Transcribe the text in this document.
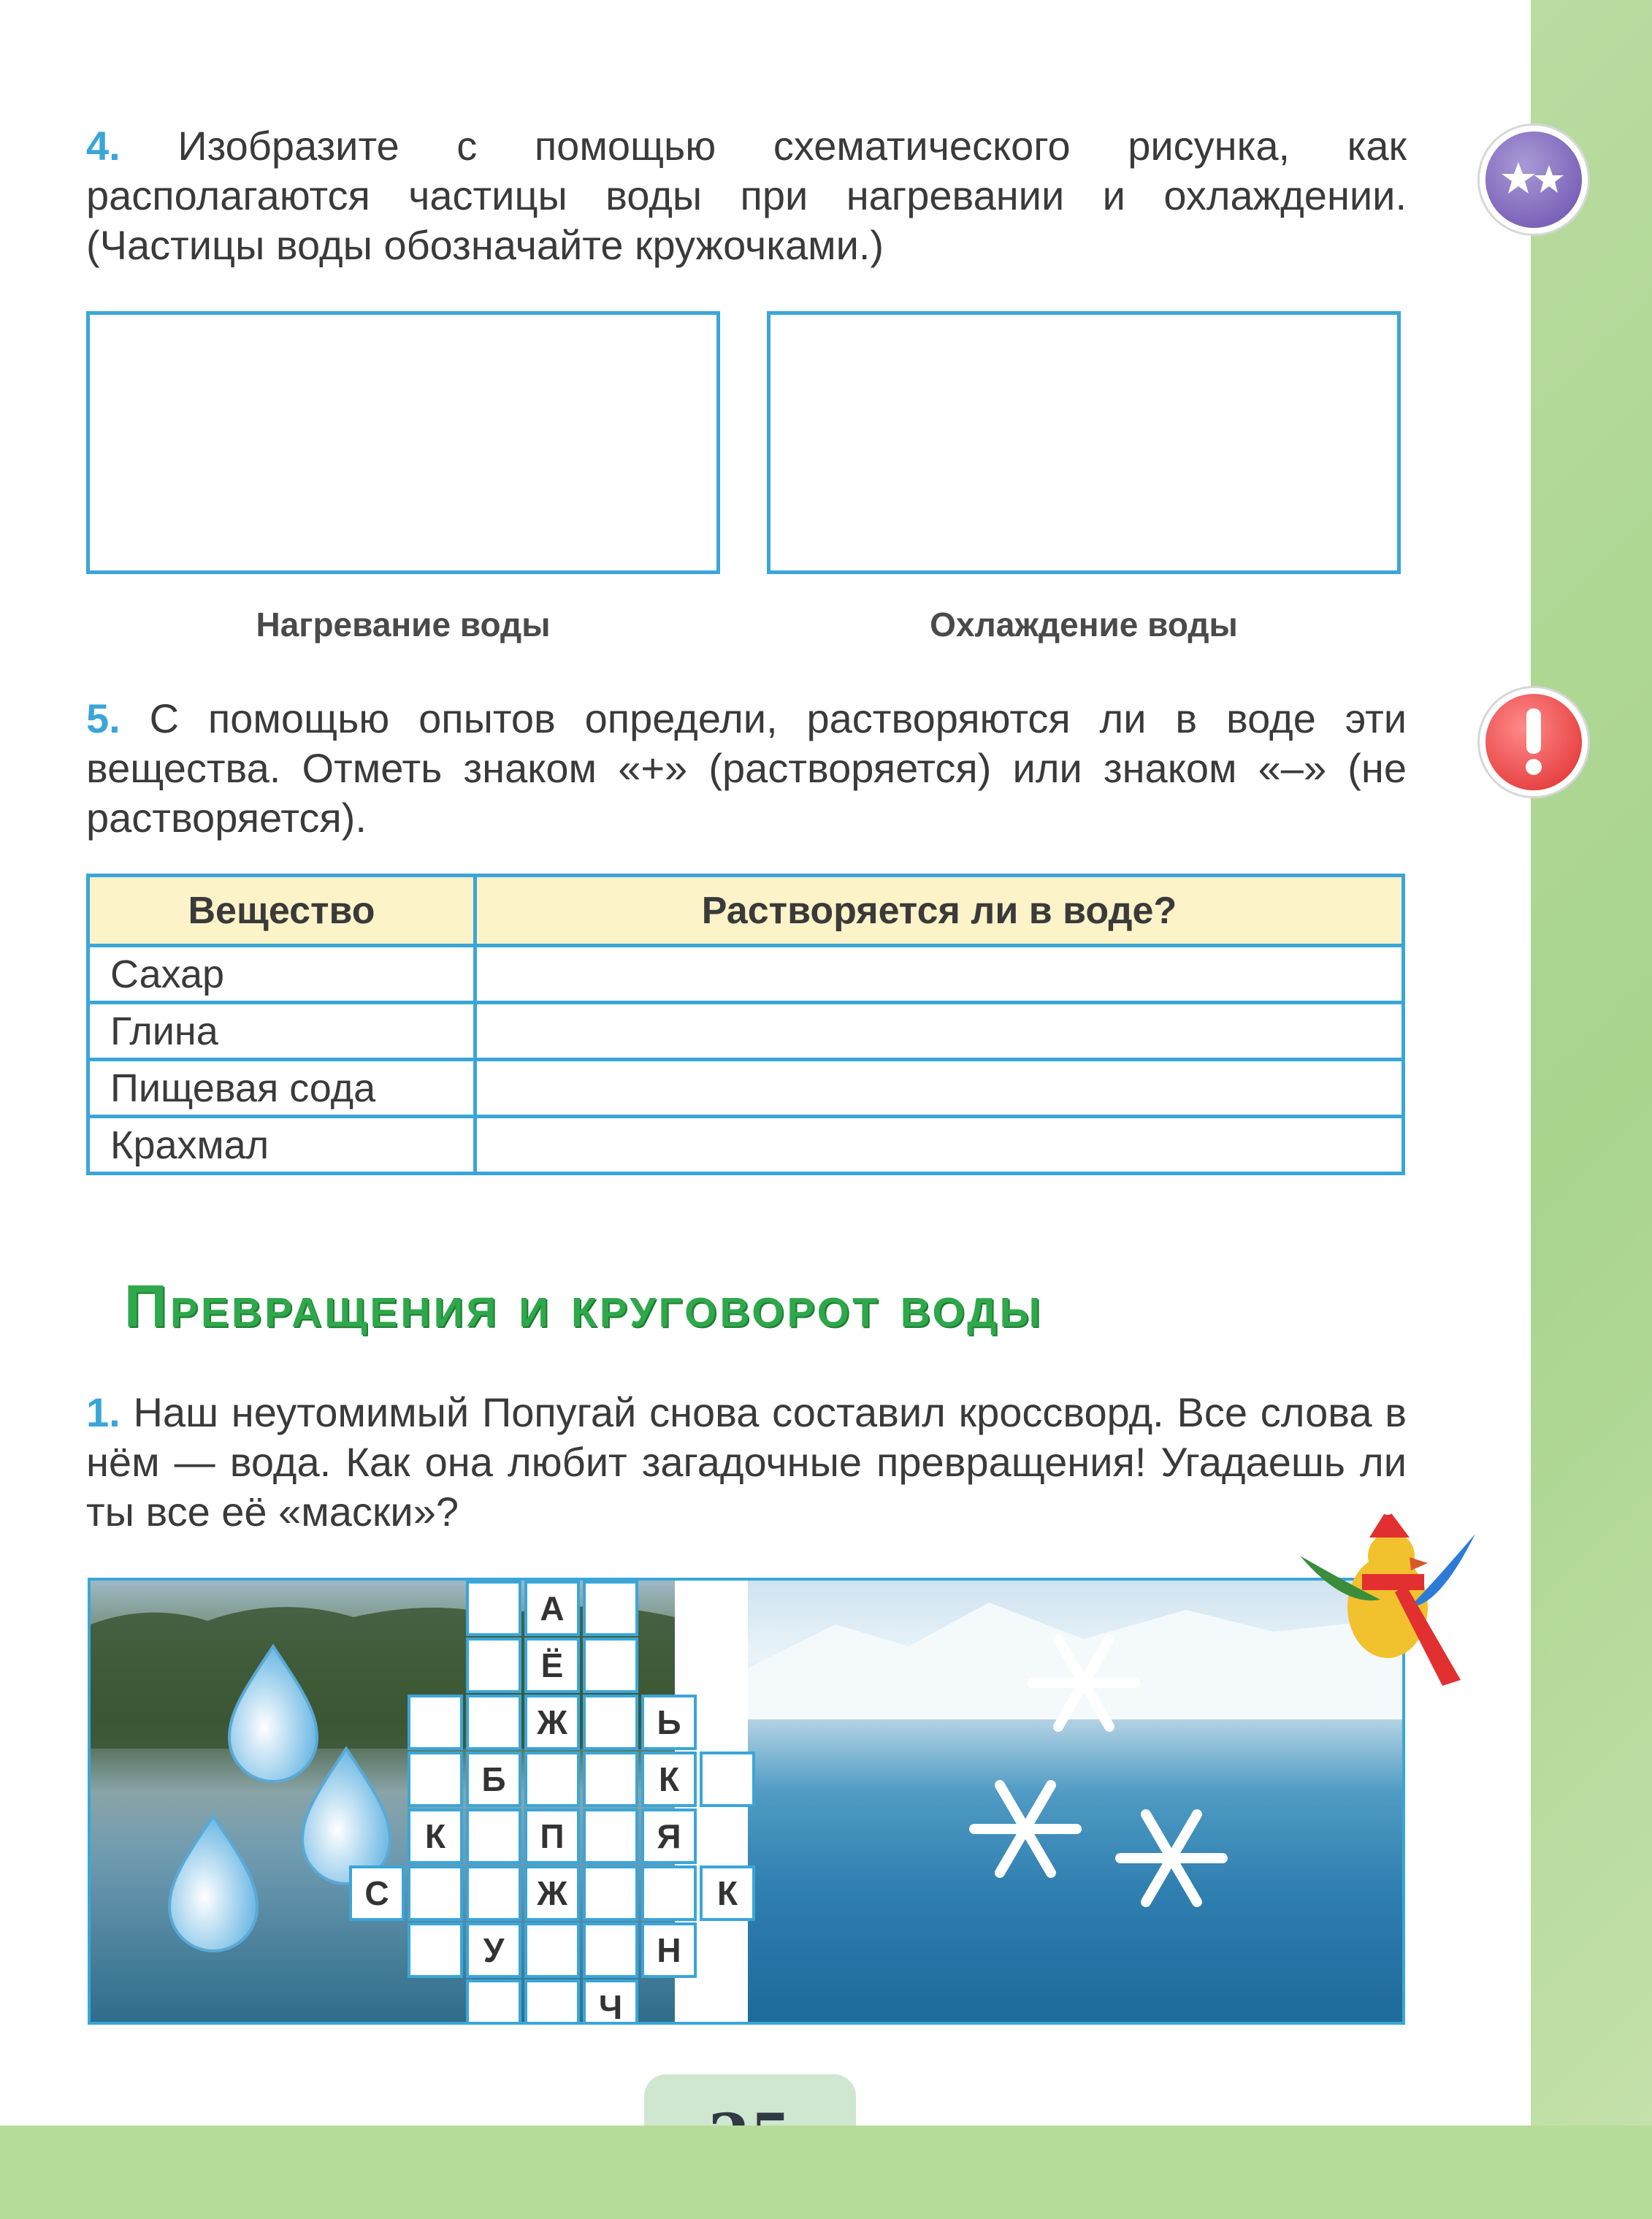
4. Изобразите с помощью схематического рисунка, как располагаются частицы воды при нагревании и охлаждении. (Частицы воды обозначайте кружочками.)

Нагревание воды	Охлаждение воды

5. С помощью опытов определи, растворяются ли в воде эти вещества. Отметь знаком «+» (растворяется) или знаком «–» (не растворяется).

Вещество	Растворяется ли в воде?
Сахар	
Глина	
Пищевая сода	
Крахмал	
Превращения и круговорот воды

1. Наш неутомимый Попугай снова составил кроссворд. Все слова в нём — вода. Как она любит загадочные превращения! Угадаешь ли ты все её «маски»?

А
Ё
Ж	Ь
Б	К
К	П	Я
С	Ж	К
У	Н
Ч
